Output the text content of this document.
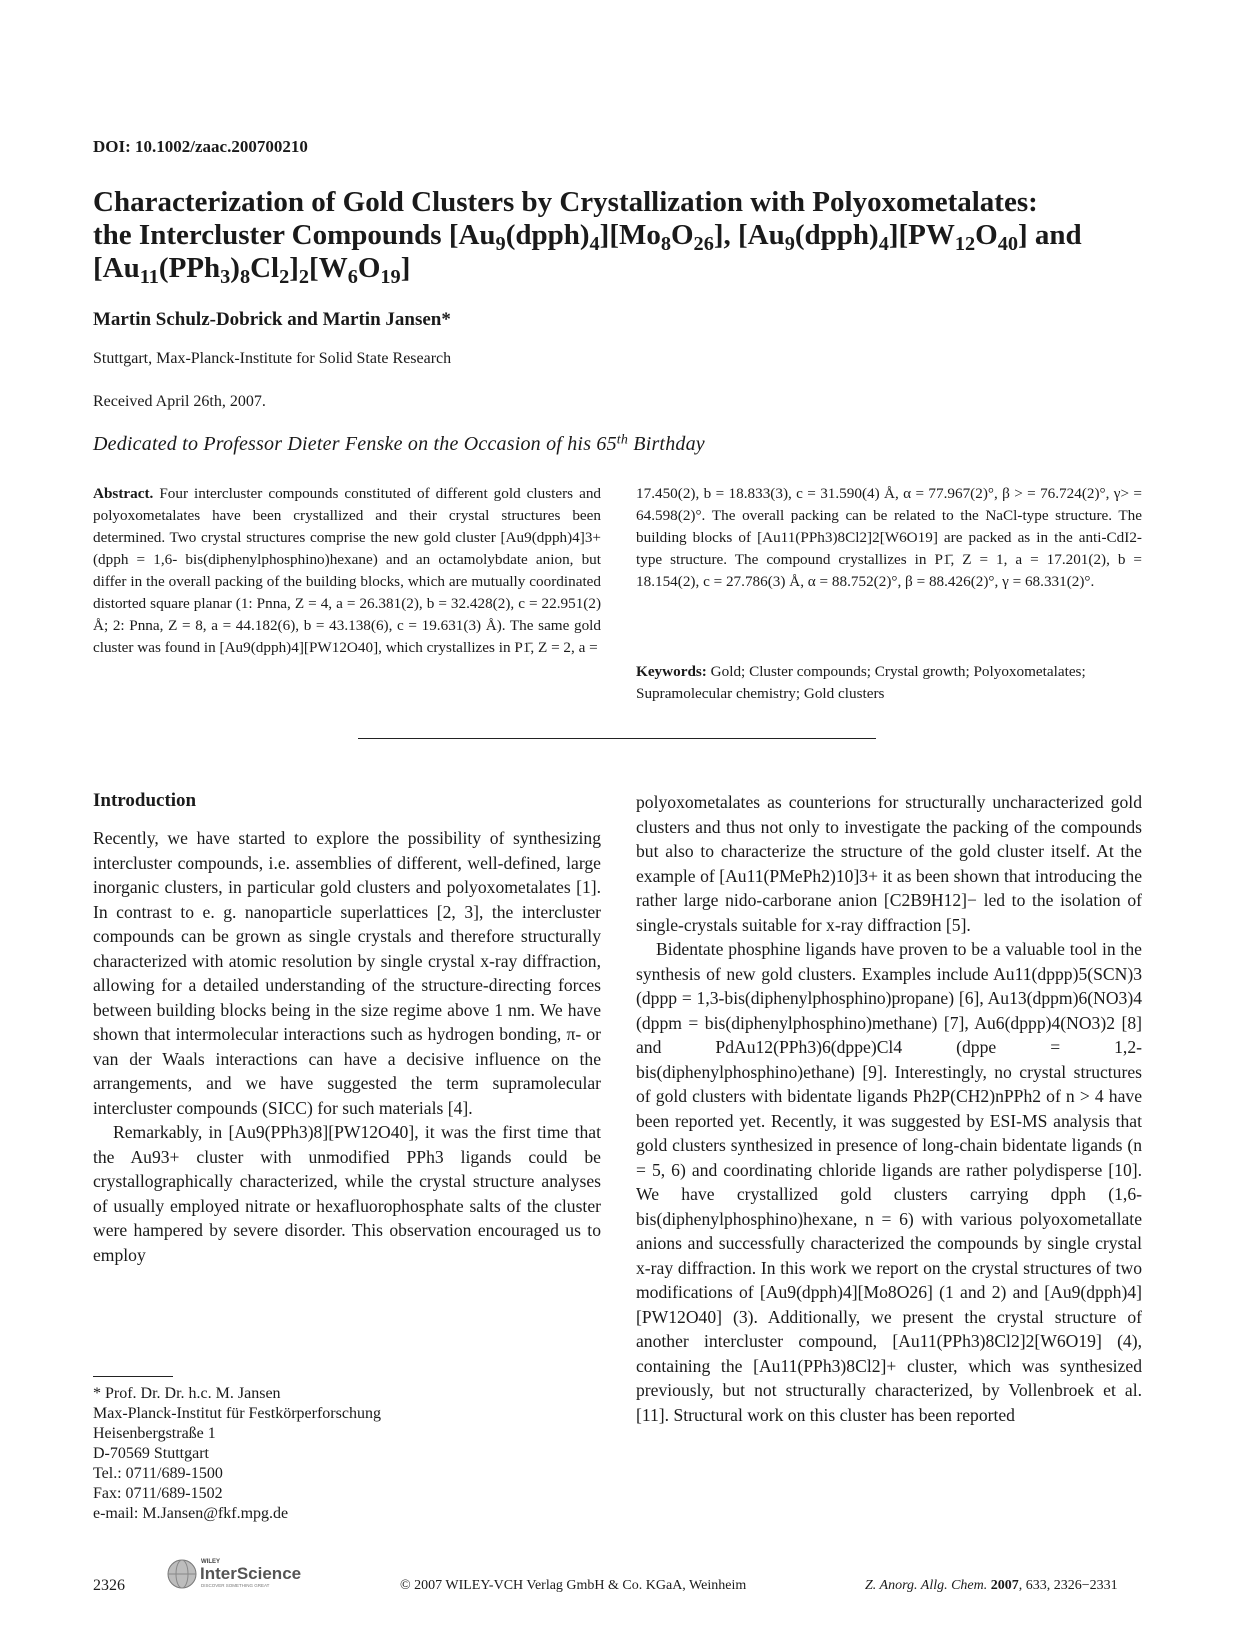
DOI: 10.1002/zaac.200700210
Characterization of Gold Clusters by Crystallization with Polyoxometalates:
the Intercluster Compounds $[Au_9(dpph)_4][Mo_8O_{26}]$, $[Au_9(dpph)_4][PW_{12}O_{40}]$ and
$[Au_{11}(PPh_3)_8Cl_2]_2[W_6O_{19}]$
Martin Schulz-Dobrick and Martin Jansen*
Stuttgart, Max-Planck-Institute for Solid State Research
Received April 26th, 2007.
Dedicated to Professor Dieter Fenske on the Occasion of his 65th Birthday
Abstract. Four intercluster compounds constituted of different gold clusters and polyoxometalates have been crystallized and their crystal structures been determined. Two crystal structures comprise the new gold cluster [Au9(dpph)4]3+ (dpph = 1,6- bis(diphenylphosphino)hexane) and an octamolybdate anion, but differ in the overall packing of the building blocks, which are mutually coordinated distorted square planar (1: Pnna, Z = 4, a = 26.381(2), b = 32.428(2), c = 22.951(2) Å; 2: Pnna, Z = 8, a = 44.182(6), b = 43.138(6), c = 19.631(3) Å). The same gold cluster was found in [Au9(dpph)4][PW12O40], which crystallizes in P1̄, Z = 2, a =
17.450(2), b = 18.833(3), c = 31.590(4) Å, α = 77.967(2)°, β > = 76.724(2)°, γ> = 64.598(2)°. The overall packing can be related to the NaCl-type structure. The building blocks of [Au11(PPh3)8Cl2]2[W6O19] are packed as in the anti-CdI2-type structure. The compound crystallizes in P1̄, Z = 1, a = 17.201(2), b = 18.154(2), c = 27.786(3) Å, α = 88.752(2)°, β = 88.426(2)°, γ = 68.331(2)°.
Keywords: Gold; Cluster compounds; Crystal growth; Polyoxometalates; Supramolecular chemistry; Gold clusters
Introduction

Recently, we have started to explore the possibility of synthesizing intercluster compounds, i.e. assemblies of different, well-defined, large inorganic clusters, in particular gold clusters and polyoxometalates [1]. In contrast to e. g. nanoparticle superlattices [2, 3], the intercluster compounds can be grown as single crystals and therefore structurally characterized with atomic resolution by single crystal x-ray diffraction, allowing for a detailed understanding of the structure-directing forces between building blocks being in the size regime above 1 nm. We have shown that intermolecular interactions such as hydrogen bonding, π- or van der Waals interactions can have a decisive influence on the arrangements, and we have suggested the term supramolecular intercluster compounds (SICC) for such materials [4].

Remarkably, in [Au9(PPh3)8][PW12O40], it was the first time that the Au93+ cluster with unmodified PPh3 ligands could be crystallographically characterized, while the crystal structure analyses of usually employed nitrate or hexafluorophosphate salts of the cluster were hampered by severe disorder. This observation encouraged us to employ

polyoxometalates as counterions for structurally uncharacterized gold clusters and thus not only to investigate the packing of the compounds but also to characterize the structure of the gold cluster itself. At the example of [Au11(PMePh2)10]3+ it as been shown that introducing the rather large nido-carborane anion [C2B9H12]− led to the isolation of single-crystals suitable for x-ray diffraction [5].

Bidentate phosphine ligands have proven to be a valuable tool in the synthesis of new gold clusters. Examples include Au11(dppp)5(SCN)3 (dppp = 1,3-bis(diphenylphosphino)propane) [6], Au13(dppm)6(NO3)4 (dppm = bis(diphenylphosphino)methane) [7], Au6(dppp)4(NO3)2 [8] and PdAu12(PPh3)6(dppe)Cl4 (dppe = 1,2-bis(diphenylphosphino)ethane) [9]. Interestingly, no crystal structures of gold clusters with bidentate ligands Ph2P(CH2)nPPh2 of n > 4 have been reported yet. Recently, it was suggested by ESI-MS analysis that gold clusters synthesized in presence of long-chain bidentate ligands (n = 5, 6) and coordinating chloride ligands are rather polydisperse [10]. We have crystallized gold clusters carrying dpph (1,6- bis(diphenylphosphino)hexane, n = 6) with various polyoxometallate anions and successfully characterized the compounds by single crystal x-ray diffraction. In this work we report on the crystal structures of two modifications of [Au9(dpph)4][Mo8O26] (1 and 2) and [Au9(dpph)4][PW12O40] (3). Additionally, we present the crystal structure of another intercluster compound, [Au11(PPh3)8Cl2]2[W6O19] (4), containing the [Au11(PPh3)8Cl2]+ cluster, which was synthesized previously, but not structurally characterized, by Vollenbroek et al. [11]. Structural work on this cluster has been reported

* Prof. Dr. Dr. h.c. M. Jansen
Max-Planck-Institut für Festkörperforschung
Heisenbergstraße 1
D-70569 Stuttgart
Tel.: 0711/689-1500
Fax: 0711/689-1502
e-mail: M.Jansen@fkf.mpg.de
2326
WILEY
InterScience
DISCOVER SOMETHING GREAT	© 2007 WILEY-VCH Verlag GmbH & Co. KGaA, Weinheim	Z. Anorg. Allg. Chem. 2007, 633, 2326−2331
